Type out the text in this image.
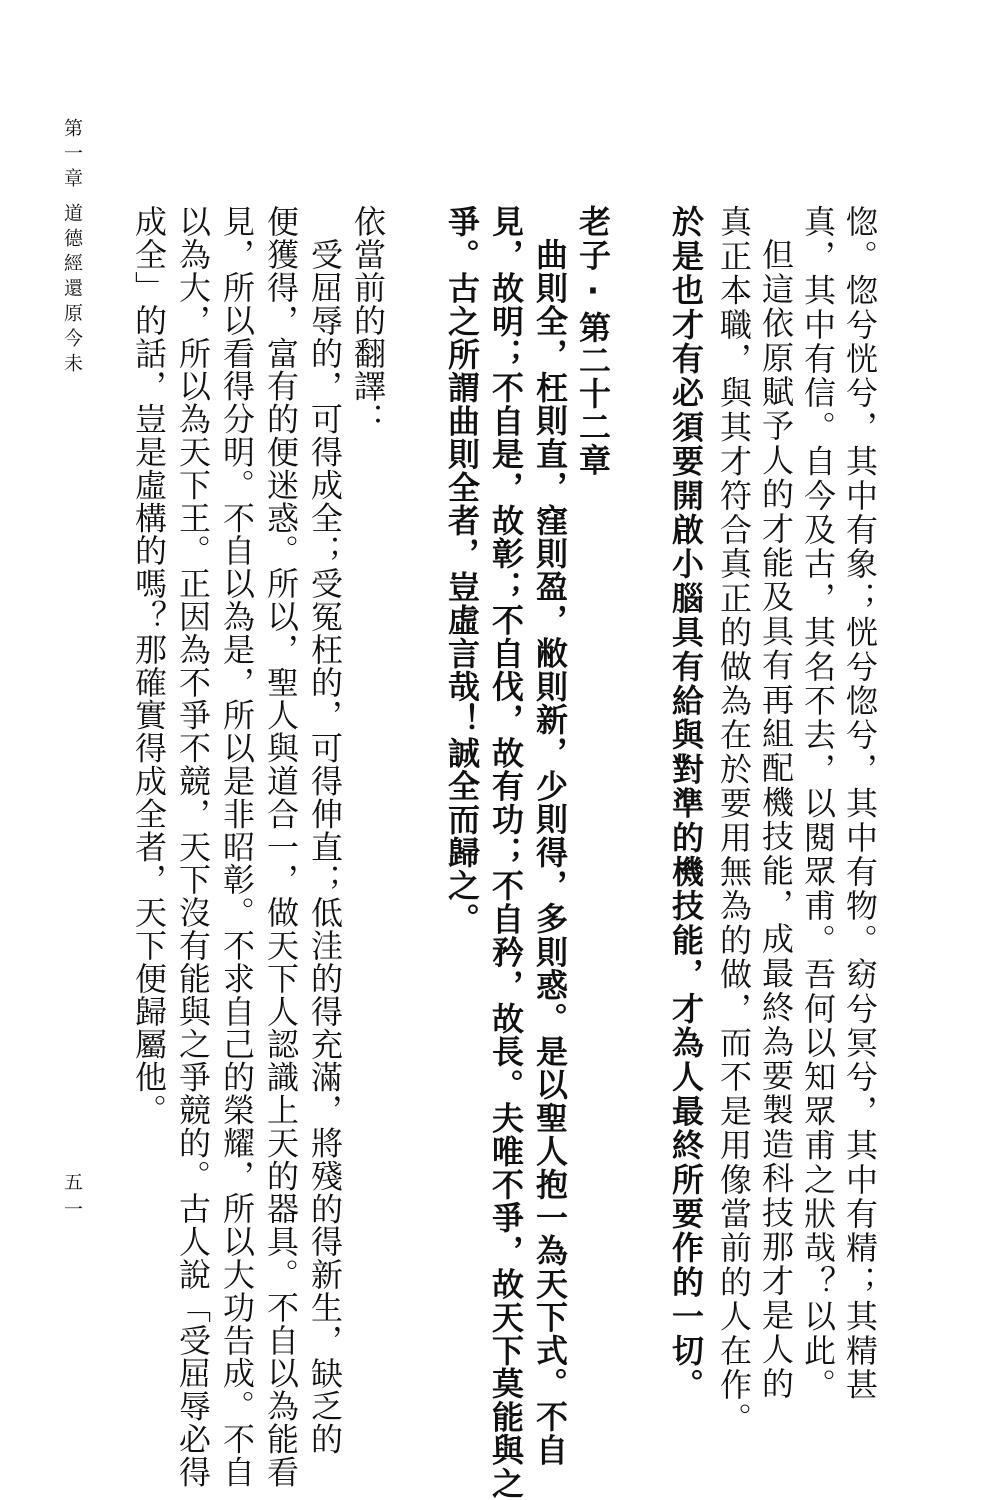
第一章
道德經還原今未
五一	惚。惚兮恍兮，其中有象；恍兮惚兮，其中有物。窈兮冥兮，其中有精；其精甚
真，其中有信。自今及古，其名不去，以閱眾甫。吾何以知眾甫之狀哉？以此。
但這依原賦予人的才能及具有再組配機技能，成最終為要製造科技那才是人的
真正本職，與其才符合真正的做為在於要用無為的做，而不是用像當前的人在作。
於是也才有必須要開啟小腦具有給與對準的機技能，才為人最終所要作的一切。
老子·第二十二章
曲則全，枉則直，窪則盈，敝則新，少則得，多則惑。是以聖人抱一為天下式。不自
見，故明；不自是，故彰；不自伐，故有功；不自矜，故長。夫唯不爭，故天下莫能與之
爭。古之所謂曲則全者，豈虛言哉！誠全而歸之。
依當前的翻譯：
受屈辱的，可得成全；受冤枉的，可得伸直；低洼的得充滿，將殘的得新生，缺乏的
便獲得，富有的便迷惑。所以，聖人與道合一，做天下人認識上天的器具。不自以為能看
見，所以看得分明。不自以為是，所以是非昭彰。不求自己的榮耀，所以大功告成。不自
以為大，所以為天下王。正因為不爭不競，天下沒有能與之爭競的。古人說「受屈辱必得
成全」的話，豈是虛構的嗎？那確實得成全者，天下便歸屬他。
